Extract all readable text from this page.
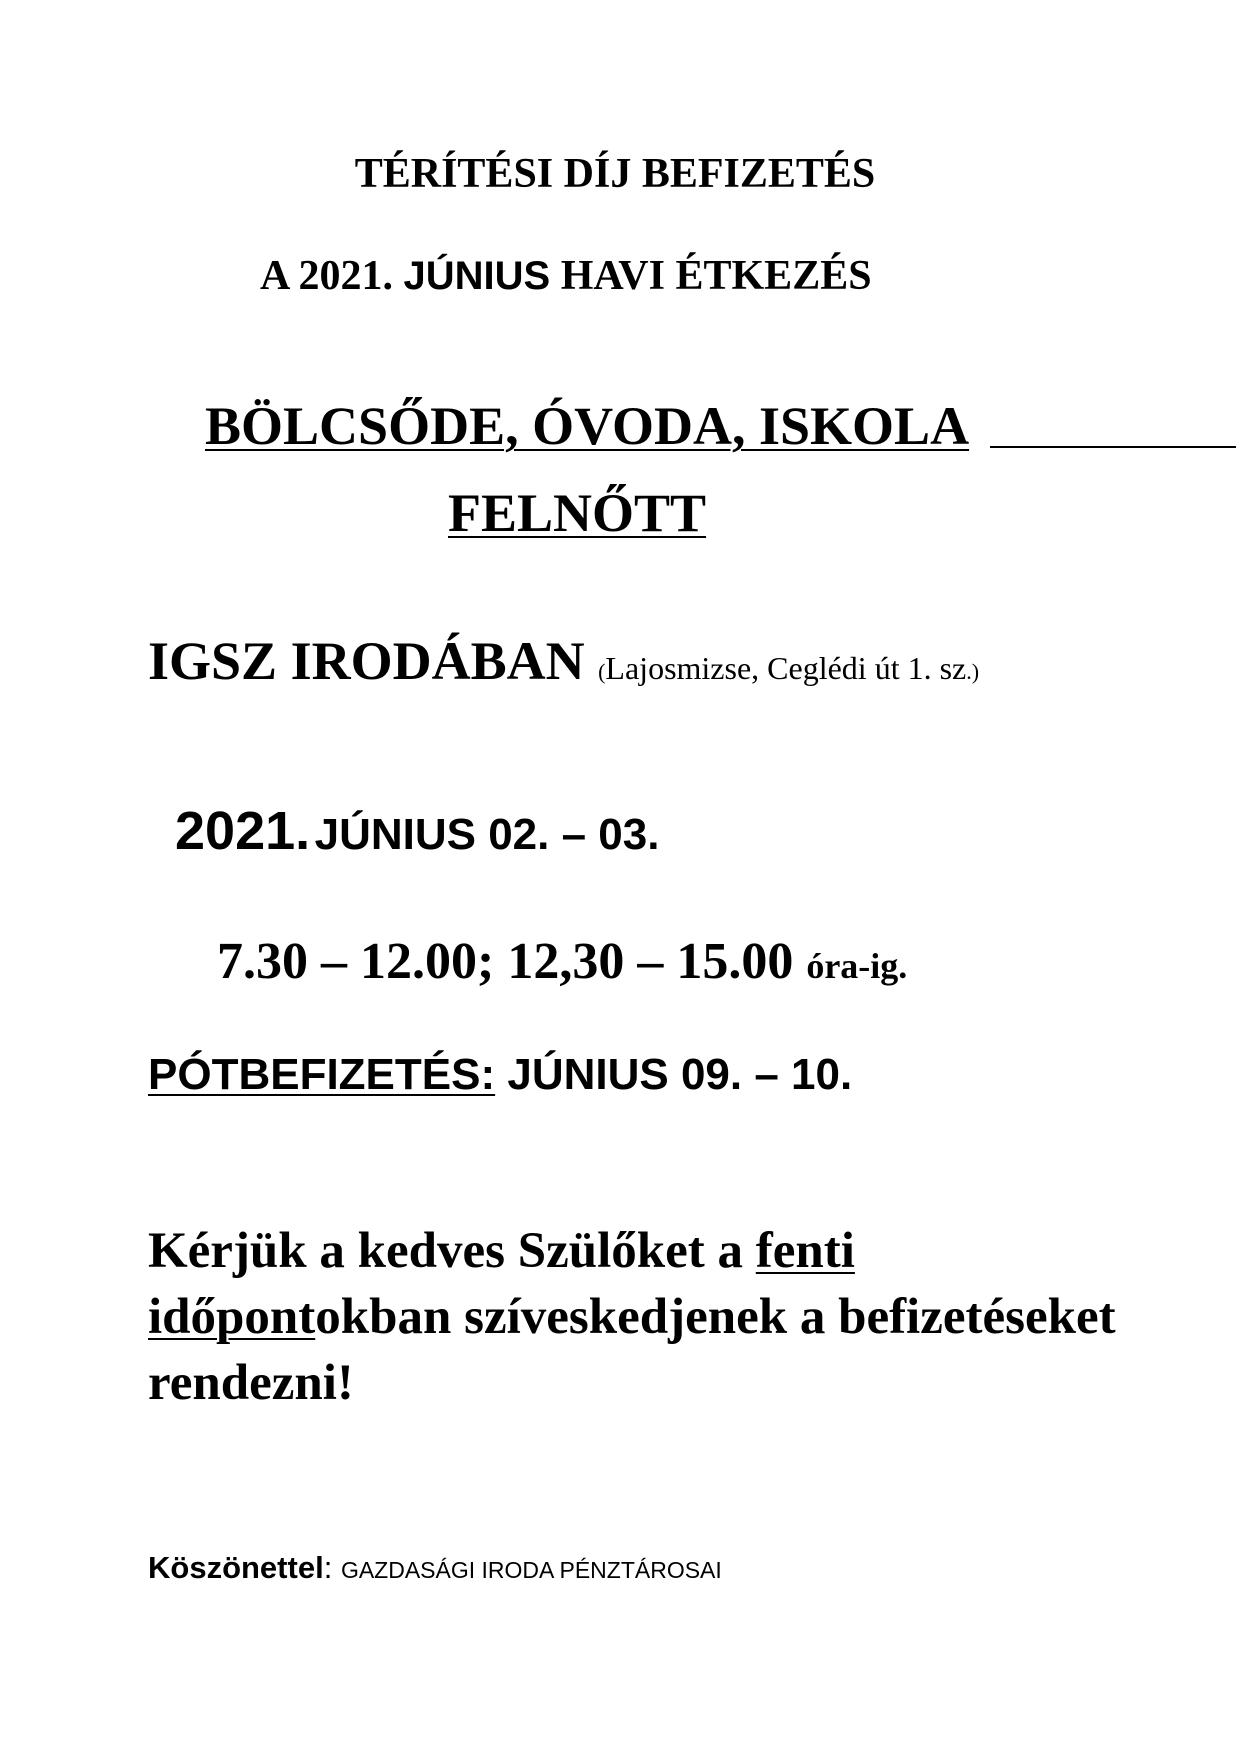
TÉRÍTÉSI DÍJ BEFIZETÉS
A 2021. JÚNIUS HAVI ÉTKEZÉS
BÖLCSŐDE, ÓVODA, ISKOLA
FELNŐTT
IGSZ IRODÁBAN (Lajosmizse, Ceglédi út 1. sz.)
2021. JÚNIUS 02. – 03.
7.30 – 12.00; 12,30 – 15.00 óra-ig.
PÓTBEFIZETÉS: JÚNIUS 09. – 10.
Kérjük a kedves Szülőket a fenti
időpontokban szíveskedjenek a befizetéseket rendezni!
Köszönettel: GAZDASÁGI IRODA PÉNZTÁROSAI
